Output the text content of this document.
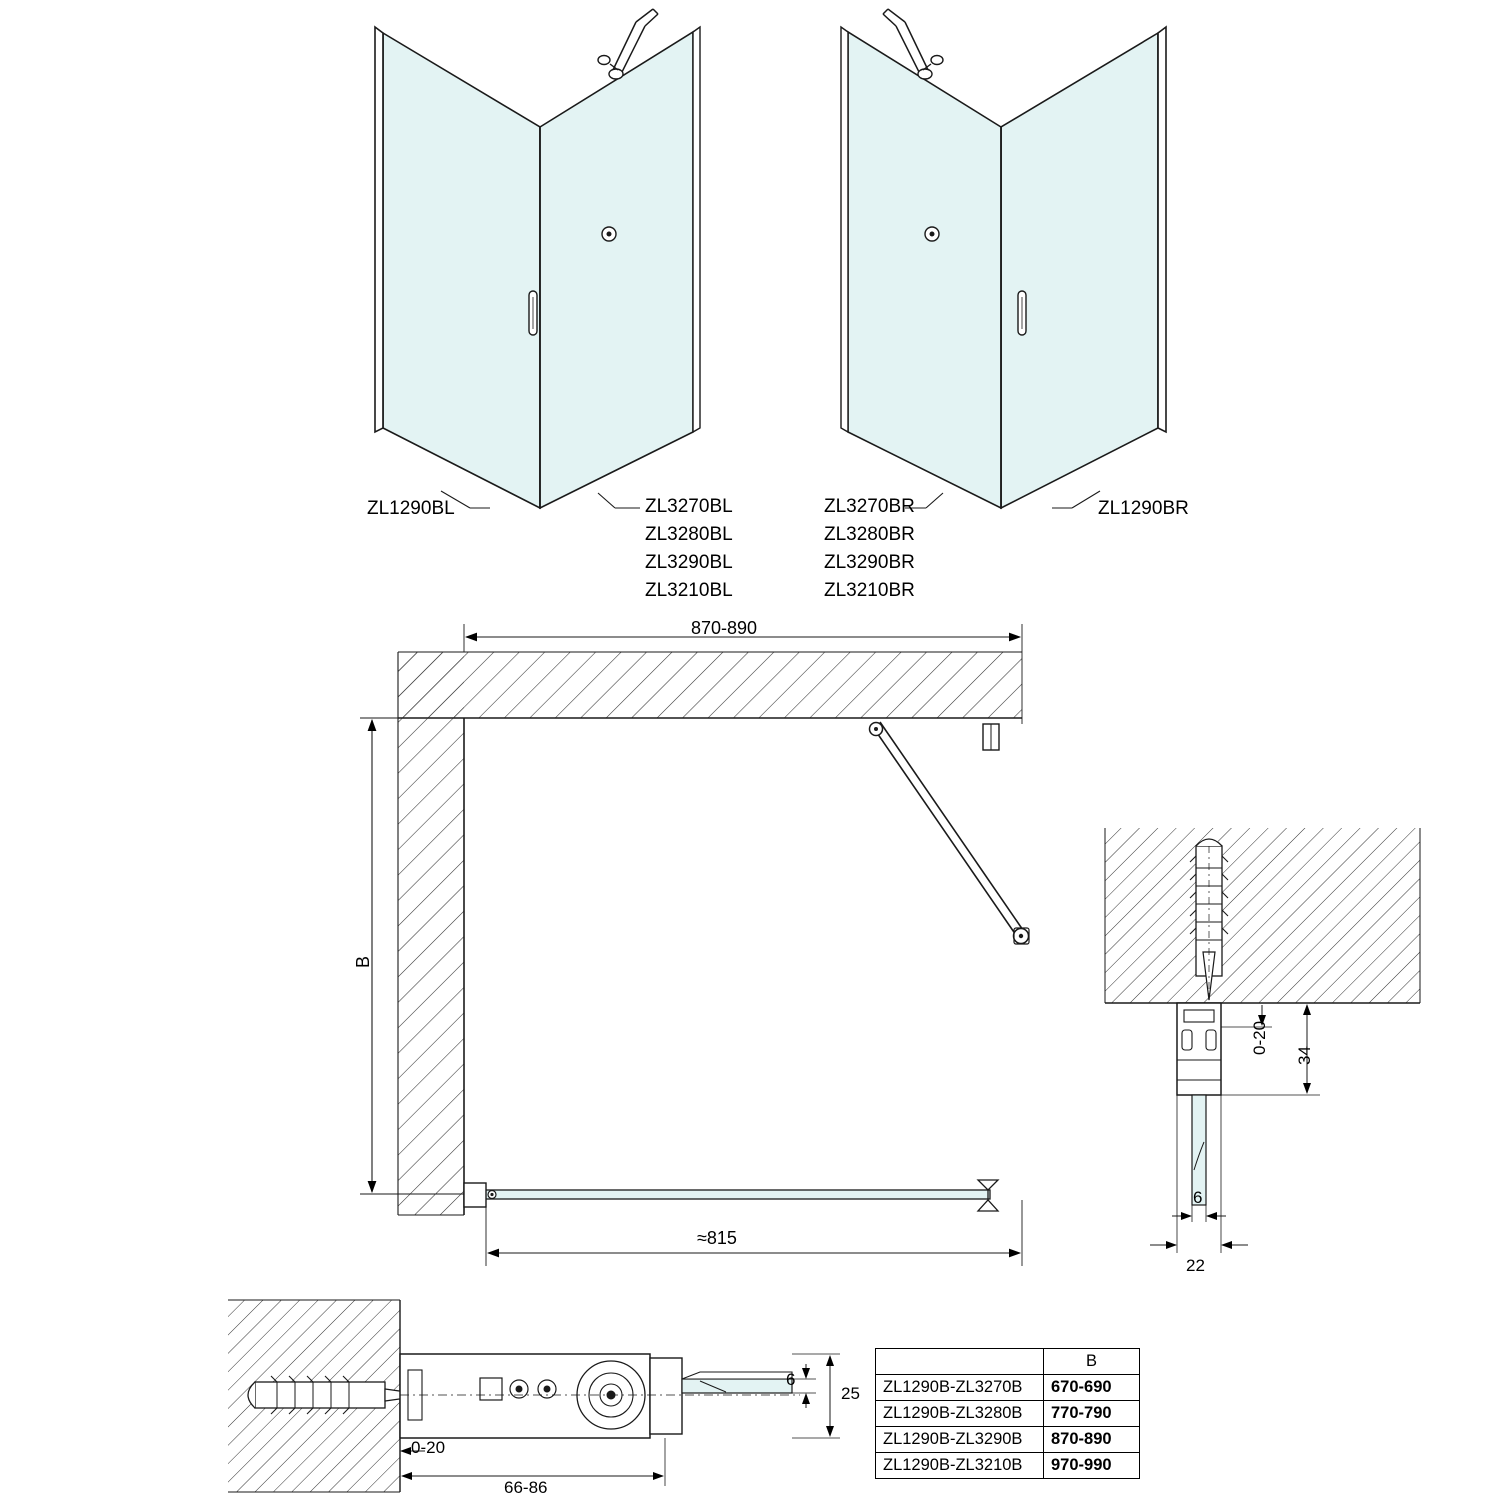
ZL1290BL	ZL3270BL
ZL3280BL
ZL3290BL
ZL3210BL
ZL3270BR
ZL3280BR
ZL3290BR
ZL3210BR
ZL1290BR
870-890
≈815
B
0-20
34
6
22
0-20
66-86
6
25
	B
ZL1290B-ZL3270B	670-690
ZL1290B-ZL3280B	770-790
ZL1290B-ZL3290B	870-890
ZL1290B-ZL3210B	970-990
